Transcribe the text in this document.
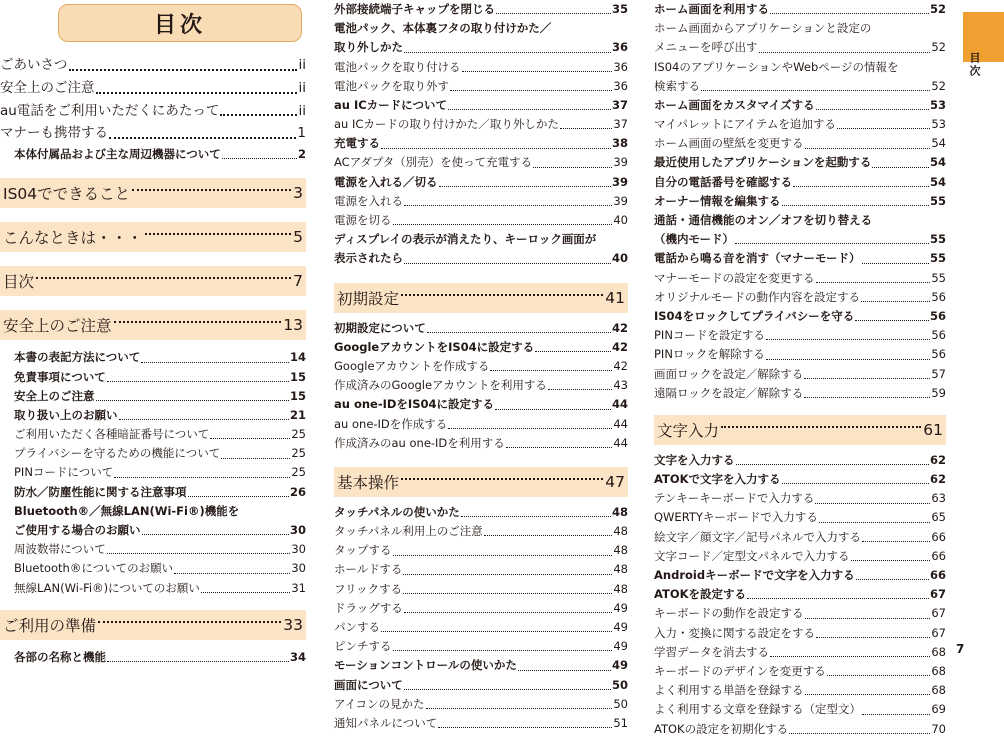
目次
ごあいさつ	ii
安全上のご注意	ii
au電話をご利用いただくにあたって	ii
マナーも携帯する	1
本体付属品および主な周辺機器について	2
IS04でできること	3
こんなときは・・・	5
目次	7
安全上のご注意	13
本書の表記方法について	14
免責事項について	15
安全上のご注意	15
取り扱い上のお願い	21
ご利用いただく各種暗証番号について	25
プライバシーを守るための機能について	25
PINコードについて	25
防水／防塵性能に関する注意事項	26
Bluetooth®／無線LAN(Wi-Fi®)機能を
ご使用する場合のお願い	30
周波数帯について	30
Bluetooth®についてのお願い	30
無線LAN(Wi-Fi®)についてのお願い	31
ご利用の準備	33
各部の名称と機能	34
外部接続端子キャップを閉じる	35
電池パック、本体裏フタの取り付けかた／
取り外しかた	36
電池パックを取り付ける	36
電池パックを取り外す	36
au ICカードについて	37
au ICカードの取り付けかた／取り外しかた	37
充電する	38
ACアダプタ（別売）を使って充電する	39
電源を入れる／切る	39
電源を入れる	39
電源を切る	40
ディスプレイの表示が消えたり、キーロック画面が
表示されたら	40
初期設定	41
初期設定について	42
GoogleアカウントをIS04に設定する	42
Googleアカウントを作成する	42
作成済みのGoogleアカウントを利用する	43
au one-IDをIS04に設定する	44
au one-IDを作成する	44
作成済みのau one-IDを利用する	44
基本操作	47
タッチパネルの使いかた	48
タッチパネル利用上のご注意	48
タップする	48
ホールドする	48
フリックする	48
ドラッグする	49
パンする	49
ピンチする	49
モーションコントロールの使いかた	49
画面について	50
アイコンの見かた	50
通知パネルについて	51
ホーム画面を利用する	52
ホーム画面からアプリケーションと設定の
メニューを呼び出す	52
IS04のアプリケーションやWebページの情報を
検索する	52
ホーム画面をカスタマイズする	53
マイパレットにアイテムを追加する	53
ホーム画面の壁紙を変更する	54
最近使用したアプリケーションを起動する	54
自分の電話番号を確認する	54
オーナー情報を編集する	55
通話・通信機能のオン／オフを切り替える
（機内モード）	55
電話から鳴る音を消す（マナーモード）	55
マナーモードの設定を変更する	55
オリジナルモードの動作内容を設定する	56
IS04をロックしてプライバシーを守る	56
PINコードを設定する	56
PINロックを解除する	56
画面ロックを設定／解除する	57
遠隔ロックを設定／解除する	59
文字入力	61
文字を入力する	62
ATOKで文字を入力する	62
テンキーキーボードで入力する	63
QWERTYキーボードで入力する	65
絵文字／顔文字／記号パネルで入力する	66
文字コード／定型文パネルで入力する	66
Androidキーボードで文字を入力する	66
ATOKを設定する	67
キーボードの動作を設定する	67
入力・変換に関する設定をする	67
学習データを消去する	68
キーボードのデザインを変更する	68
よく利用する単語を登録する	68
よく利用する文章を登録する（定型文）	69
ATOKの設定を初期化する	70
目次
7
